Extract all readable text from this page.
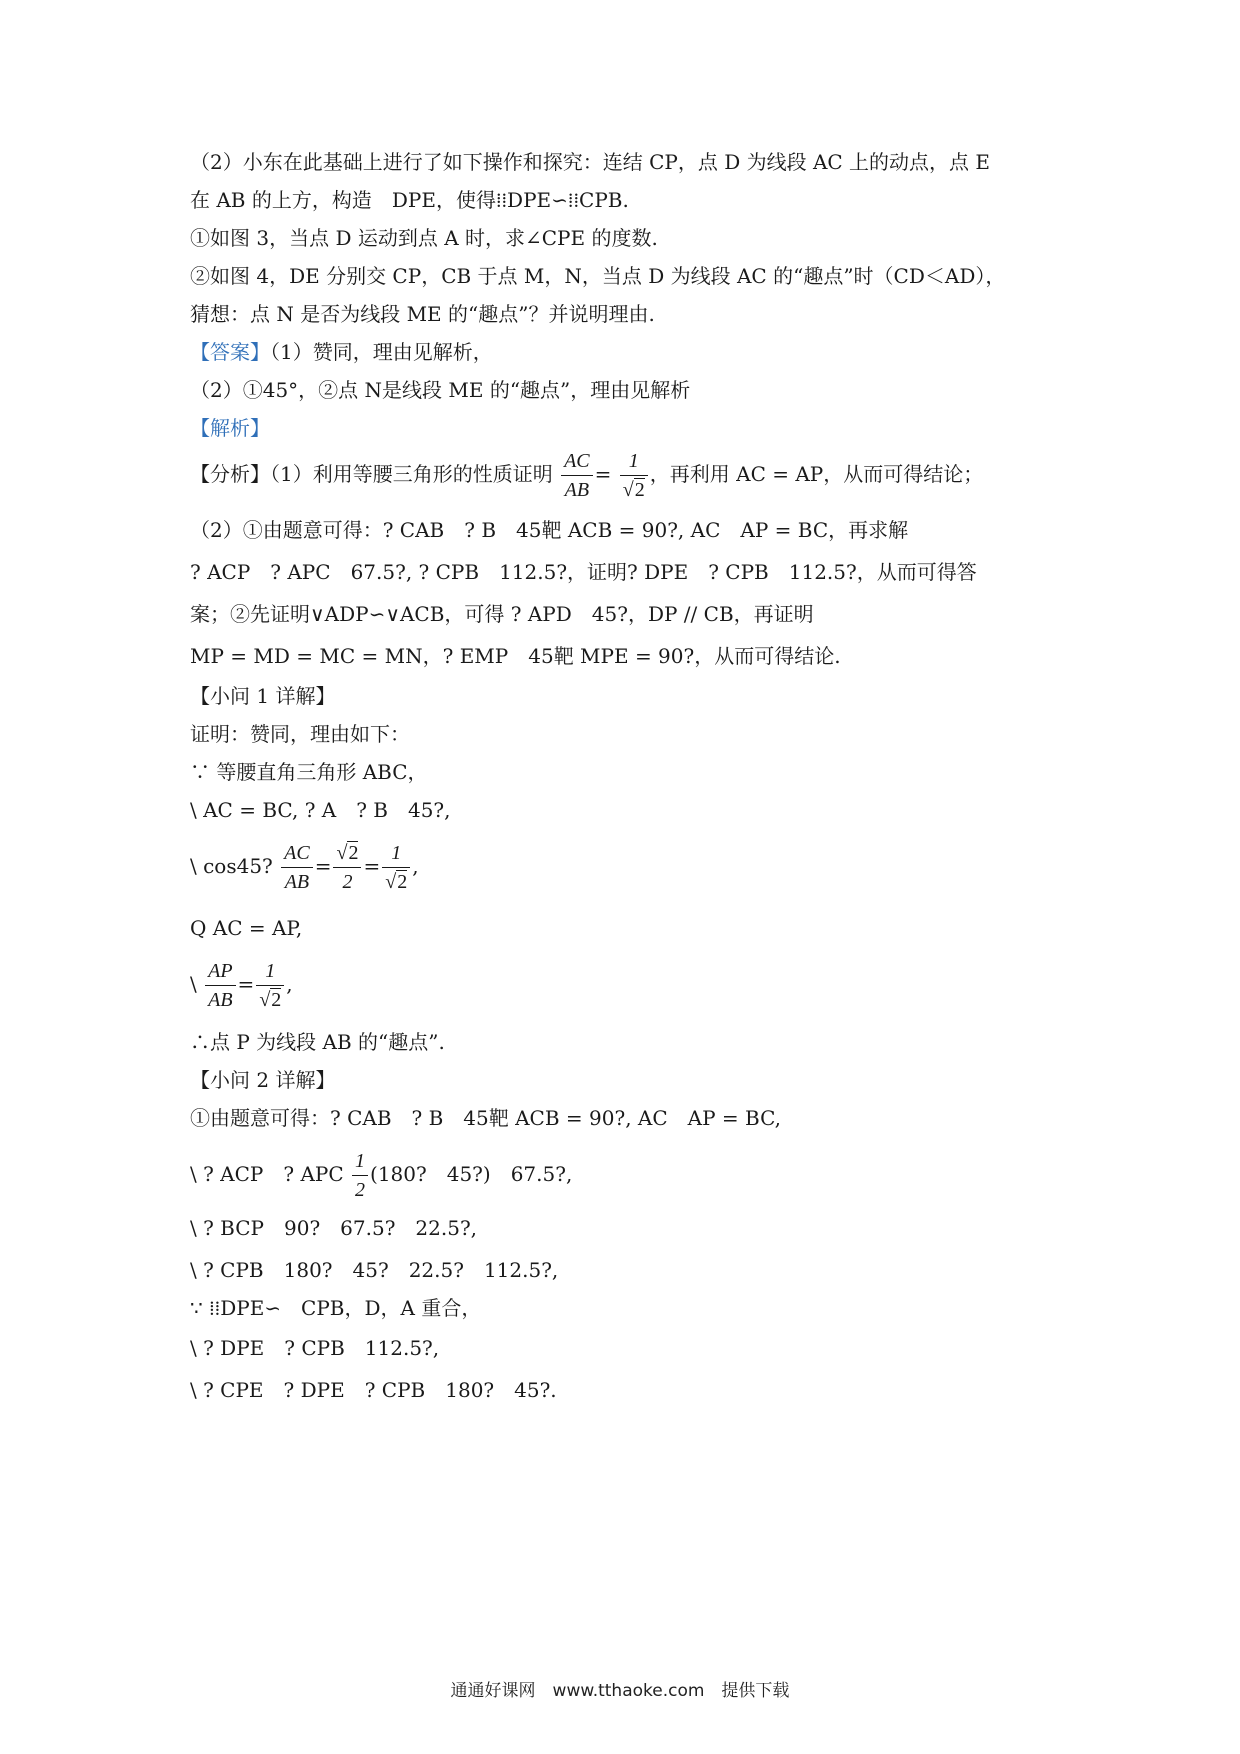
（2）小东在此基础上进行了如下操作和探究：连结 CP，点 D 为线段 AC 上的动点，点 E
在 AB 的上方，构造　DPE，使得⁞⁞DPE∽⁞⁞CPB.
①如图 3，当点 D 运动到点 A 时，求∠CPE 的度数.
②如图 4，DE 分别交 CP，CB 于点 M，N，当点 D 为线段 AC 的“趣点”时（CD＜AD），
猜想：点 N 是否为线段 ME 的“趣点”？并说明理由.
【答案】（1）赞同，理由见解析，
（2）①45°，②点 N是线段 ME 的“趣点”，理由见解析
【解析】
【分析】（1）利用等腰三角形的性质证明 $\frac{AC}{AB} = \frac{1}{√2}$ ，再利用 AC = AP，从而可得结论；
（2）①由题意可得：? CAB　? B　45靶 ACB = 90?, AC　AP = BC，再求解
? ACP　? APC　67.5?, ? CPB　112.5?，证明? DPE　? CPB　112.5?，从而可得答
案；②先证明∨ADP∽∨ACB，可得 ? APD　45?，DP // CB，再证明
MP = MD = MC = MN，? EMP　45靶 MPE = 90?，从而可得结论.
【小问 1 详解】
证明：赞同，理由如下：
∵ 等腰直角三角形 ABC，
\ AC = BC, ? A　? B　45?,
\ cos45? $\frac{AC}{AB} = \frac{√2}{2} = \frac{1}{√2}$ ,
Q AC = AP,
\ $\frac{AP}{AB} = \frac{1}{√2}$ ,
∴点 P 为线段 AB 的“趣点”.
【小问 2 详解】
①由题意可得：? CAB　? B　45靶 ACB = 90?, AC　AP = BC,
\ ? ACP　? APC $\frac{1}{2} (180$?　45?)　67.5?,
\ ? BCP　90?　67.5?　22.5?,
\ ? CPB　180?　45?　22.5?　112.5?,
∵ ⁞⁞DPE∽　CPB，D，A 重合，
\ ? DPE　? CPB　112.5?,
\ ? CPE　? DPE　? CPB　180?　45?.
通通好课网　www.tthaoke.com　提供下载
